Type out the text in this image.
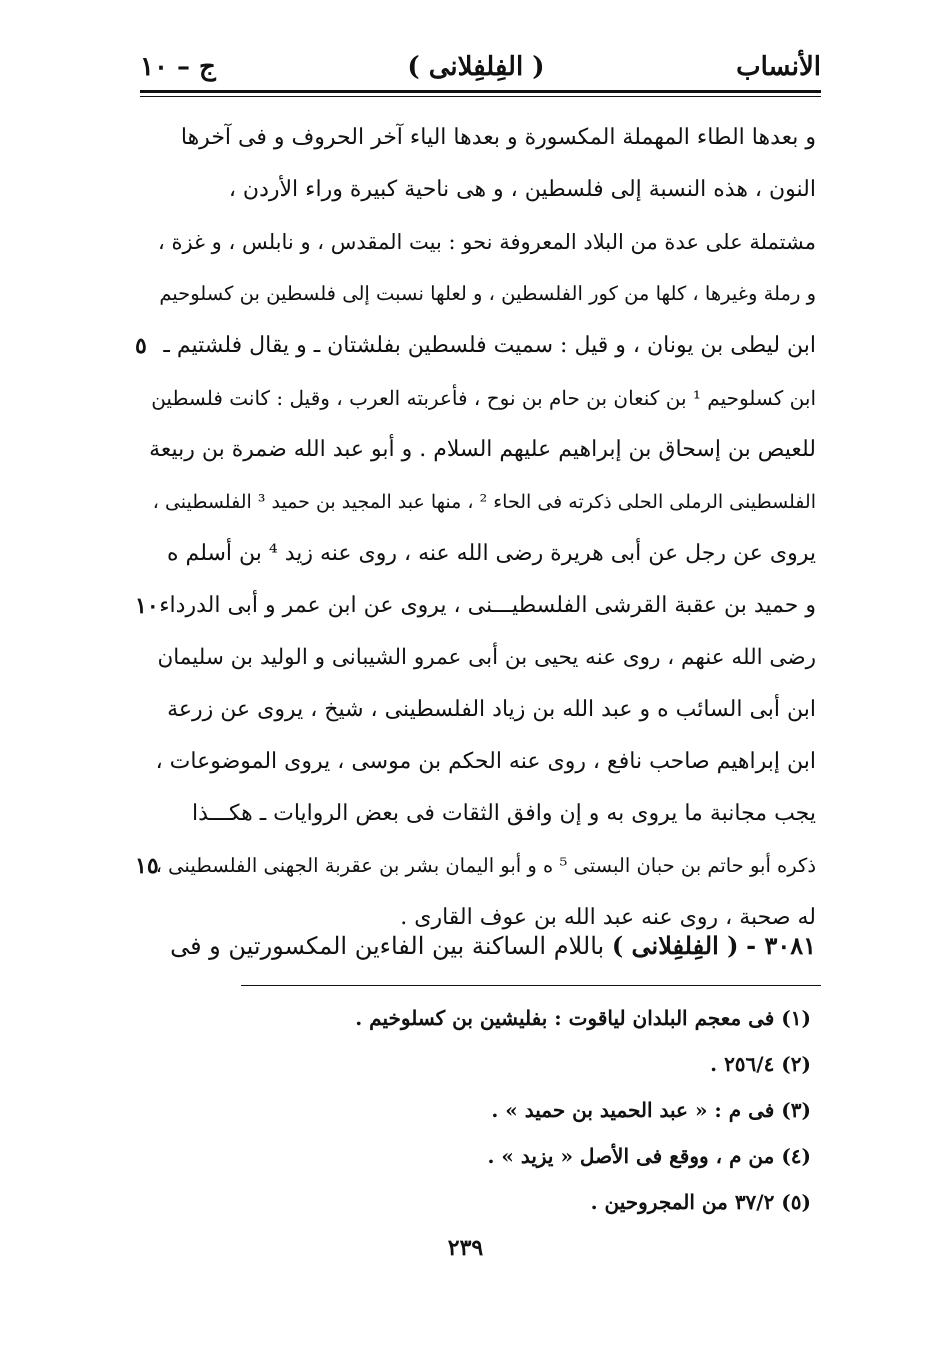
الأنساب
( الفِلفِلانی )
ج – ١٠
و بعدها الطاء المهملة المكسورة و بعدها الياء آخر الحروف و فی آخرها
النون ، هذه النسبة إلی فلسطین ، و هی ناحیة كبیرة وراء الأردن ،
مشتملة علی عدة من البلاد المعروفة نحو : بیت المقدس ، و نابلس ، و غزة ،
و رملة وغیرها ، كلها من كور الفلسطین ، و لعلها نسبت إلی فلسطین بن كسلوحیم
ابن لیطی بن یونان ، و قیل : سمیت فلسطین بفلشتان ـ و یقال فلشتیم ـ
٥
ابن كسلوحیم ¹ بن كنعان بن حام بن نوح ، فأعربته العرب ، وقیل : كانت فلسطین
للعیص بن إسحاق بن إبراهیم علیهم السلام . و أبو عبد الله ضمرة بن ربیعة
الفلسطینی الرملی الحلی ذكرته فی الحاء ² ، منها عبد المجید بن حمید ³ الفلسطینی ،
یروی عن رجل عن أبی هریرة رضی الله عنه ، روی عنه زید ⁴ بن أسلم ه
و حمید بن عقبة القرشی الفلسطیـــنی ، یروی عن ابن عمر و أبی الدرداء
١٠
رضی الله عنهم ، روی عنه یحیی بن أبی عمرو الشیبانی و الولید بن سلیمان
ابن أبی السائب ه و عبد الله بن زیاد الفلسطینی ، شیخ ، یروی عن زرعة
ابن إبراهیم صاحب نافع ، روی عنه الحكم بن موسی ، یروی الموضوعات ،
یجب مجانبة ما یروی به و إن وافق الثقات فی بعض الروایات ـ هكـــذا
ذكره أبو حاتم بن حبان البستی ⁵ ه و أبو الیمان بشر بن عقربة الجهنی الفلسطینی ،
١٥
له صحبة ، روی عنه عبد الله بن عوف القاری .
٣٠٨١ - ( الفِلفِلانی ) باللام الساكنة بین الفاءین المكسورتین و فی
(١) فی معجم البلدان لیاقوت : بفلیشین بن كسلوخیم .
(٢) ٢٥٦/٤ .
(٣) فی م : « عبد الحمید بن حمید » .
(٤) من م ، ووقع فی الأصل « یزید » .
(٥) ٣٧/٢ من المجروحین .
٢٣٩
